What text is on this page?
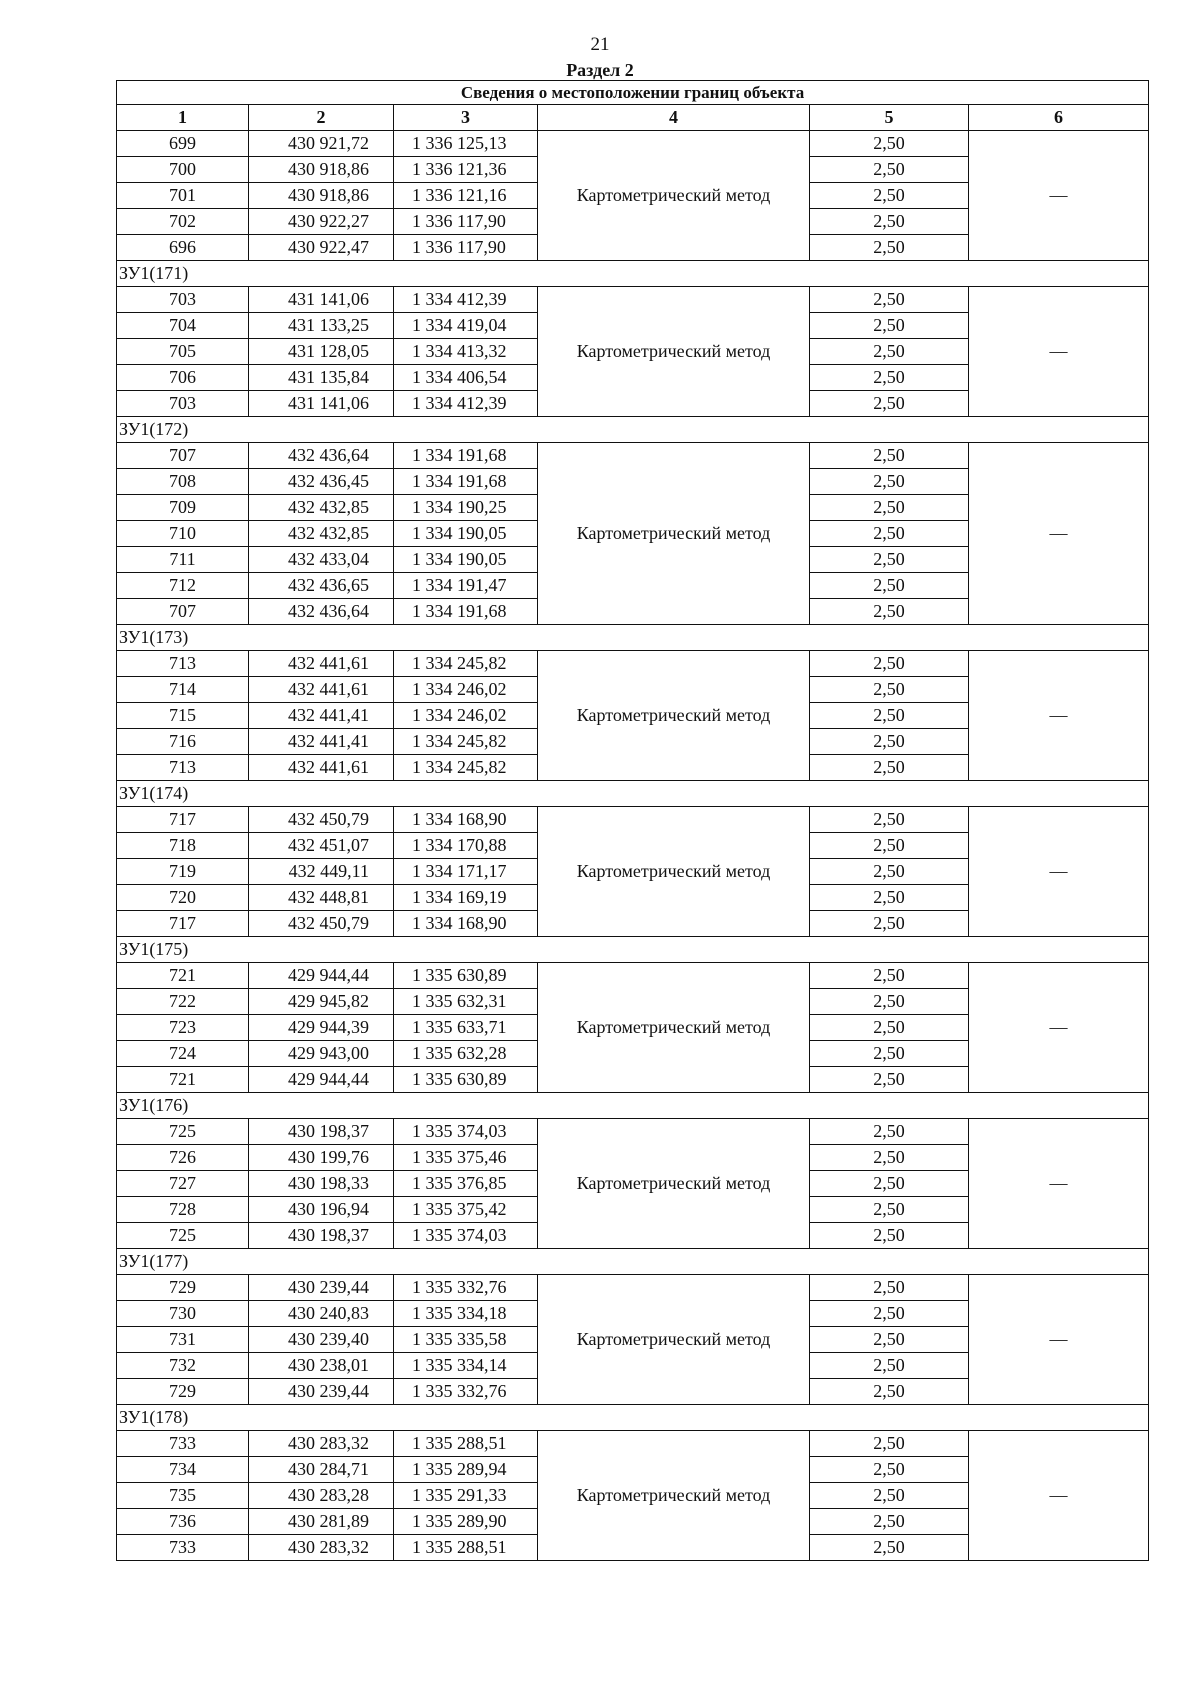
21
Раздел 2
Сведения о местоположении границ объекта					
1	2	3	4	5	6
699	430 921,72	1 336 125,13	Картометрический метод	2,50	—
700	430 918,86	1 336 121,36		2,50	
701	430 918,86	1 336 121,16		2,50	
702	430 922,27	1 336 117,90		2,50	
696	430 922,47	1 336 117,90		2,50	
ЗУ1(171)					
703	431 141,06	1 334 412,39	Картометрический метод	2,50	—
704	431 133,25	1 334 419,04		2,50	
705	431 128,05	1 334 413,32		2,50	
706	431 135,84	1 334 406,54		2,50	
703	431 141,06	1 334 412,39		2,50	
ЗУ1(172)					
707	432 436,64	1 334 191,68	Картометрический метод	2,50	—
708	432 436,45	1 334 191,68		2,50	
709	432 432,85	1 334 190,25		2,50	
710	432 432,85	1 334 190,05		2,50	
711	432 433,04	1 334 190,05		2,50	
712	432 436,65	1 334 191,47		2,50	
707	432 436,64	1 334 191,68		2,50	
ЗУ1(173)					
713	432 441,61	1 334 245,82	Картометрический метод	2,50	—
714	432 441,61	1 334 246,02		2,50	
715	432 441,41	1 334 246,02		2,50	
716	432 441,41	1 334 245,82		2,50	
713	432 441,61	1 334 245,82		2,50	
ЗУ1(174)					
717	432 450,79	1 334 168,90	Картометрический метод	2,50	—
718	432 451,07	1 334 170,88		2,50	
719	432 449,11	1 334 171,17		2,50	
720	432 448,81	1 334 169,19		2,50	
717	432 450,79	1 334 168,90		2,50	
ЗУ1(175)					
721	429 944,44	1 335 630,89	Картометрический метод	2,50	—
722	429 945,82	1 335 632,31		2,50	
723	429 944,39	1 335 633,71		2,50	
724	429 943,00	1 335 632,28		2,50	
721	429 944,44	1 335 630,89		2,50	
ЗУ1(176)					
725	430 198,37	1 335 374,03	Картометрический метод	2,50	—
726	430 199,76	1 335 375,46		2,50	
727	430 198,33	1 335 376,85		2,50	
728	430 196,94	1 335 375,42		2,50	
725	430 198,37	1 335 374,03		2,50	
ЗУ1(177)					
729	430 239,44	1 335 332,76	Картометрический метод	2,50	—
730	430 240,83	1 335 334,18		2,50	
731	430 239,40	1 335 335,58		2,50	
732	430 238,01	1 335 334,14		2,50	
729	430 239,44	1 335 332,76		2,50	
ЗУ1(178)					
733	430 283,32	1 335 288,51	Картометрический метод	2,50	—
734	430 284,71	1 335 289,94		2,50	
735	430 283,28	1 335 291,33		2,50	
736	430 281,89	1 335 289,90		2,50	
733	430 283,32	1 335 288,51		2,50	
